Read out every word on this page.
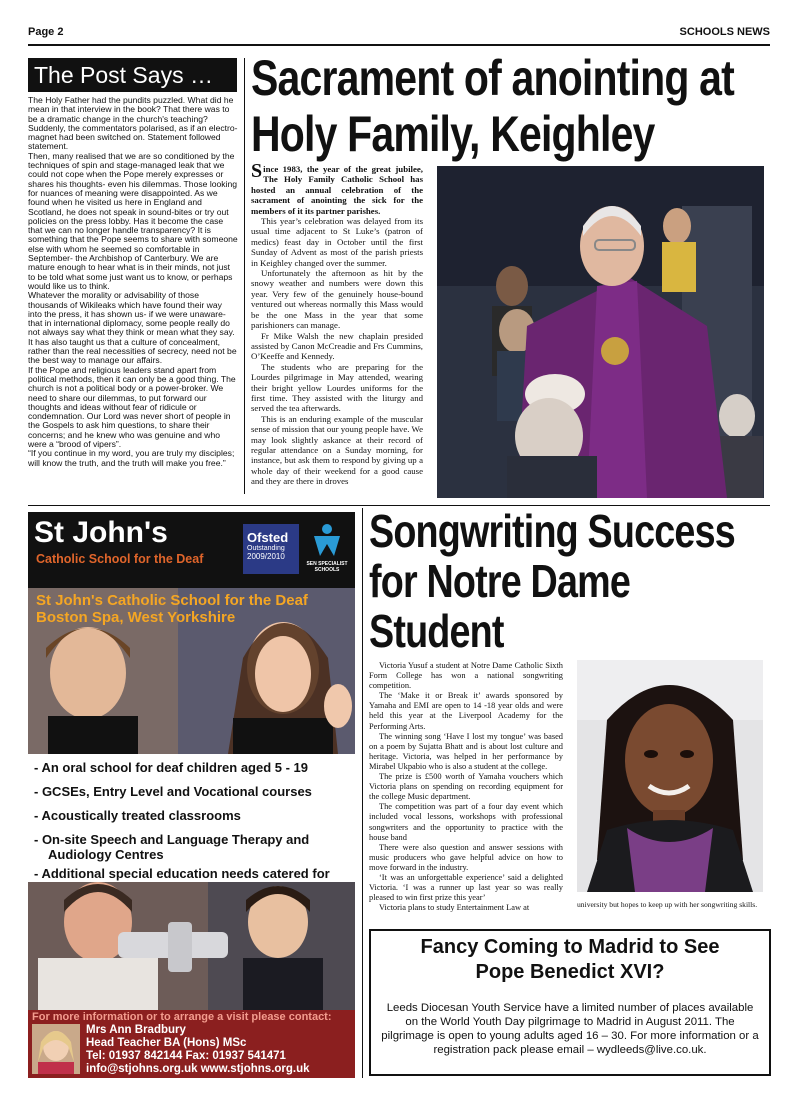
Page 2	SCHOOLS NEWS
The Post Says …

The Holy Father had the pundits puzzled. What did he mean in that interview in the book? That there was to be a dramatic change in the church's teaching? Suddenly, the commentators polarised, as if an electro-magnet had been switched on. Statement followed statement.

Then, many realised that we are so conditioned by the techniques of spin and stage-managed leak that we could not cope when the Pope merely expresses or shares his thoughts- even his dilemmas. Those looking for nuances of meaning were disappointed. As we found when he visited us here in England and Scotland, he does not speak in sound-bites or try out policies on the press lobby. Has it become the case that we can no longer handle transparency? It is something that the Pope seems to share with someone else with whom he seemed so comfortable in September- the Archbishop of Canterbury. We are mature enough to hear what is in their minds, not just to be told what some just want us to know, or perhaps would like us to think.

Whatever the morality or advisability of those thousands of Wikileaks which have found their way into the press, it has shown us- if we were unaware- that in international diplomacy, some people really do not always say what they think or mean what they say. It has also taught us that a culture of concealment, rather than the real necessities of secrecy, need not be the best way to manage our affairs.

If the Pope and religious leaders stand apart from political methods, then it can only be a good thing. The church is not a political body or a power-broker. We need to share our dilemmas, to put forward our thoughts and ideas without fear of ridicule or condemnation. Our Lord was never short of people in the Gospels to ask him questions, to share their concerns; and he knew who was genuine and who were a “brood of vipers”.

“If you continue in my word, you are truly my disciples; will know the truth, and the truth will make you free.”

Sacrament of anointing at
Holy Family, Keighley

Since 1983, the year of the great jubilee, The Holy Family Catholic School has hosted an annual celebration of the sacrament of anointing the sick for the members of it its partner parishes.

This year’s celebration was delayed from its usual time adjacent to St Luke’s (patron of medics) feast day in October until the first Sunday of Advent as most of the parish priests in Keighley changed over the summer.

Unfortunately the afternoon as hit by the snowy weather and numbers were down this year. Very few of the genuinely house-bound ventured out whereas normally this Mass would be the one Mass in the year that some parishioners can manage.

Fr Mike Walsh the new chaplain presided assisted by Canon McCreadie and Frs Cummins, O’Keeffe and Kennedy.

The students who are preparing for the Lourdes pilgrimage in May attended, wearing their bright yellow Lourdes uniforms for the first time. They assisted with the liturgy and served the tea afterwards.

This is an enduring example of the muscular sense of mission that our young people have. We may look slightly askance at their record of regular attendance on a Sunday morning, for instance, but ask them to respond by giving up a whole day of their weekend for a good cause and they are there in droves

St John's
Catholic School for the Deaf
Ofsted
Outstanding
2009/2010
SEN SPECIALIST SCHOOLS
St John's Catholic School for the Deaf
Boston Spa, West Yorkshire
- An oral school for deaf children aged 5 - 19
- GCSEs, Entry Level and Vocational courses
- Acoustically treated classrooms
- On-site Speech and Language Therapy and
Audiology Centres
- Additional special education needs catered for
For more information or to arrange a visit please contact:
Mrs Ann Bradbury
Head Teacher BA (Hons) MSc
Tel: 01937 842144 Fax: 01937 541471
info@stjohns.org.uk www.stjohns.org.uk
Songwriting Success
for Notre Dame
Student

Victoria Yusuf a student at Notre Dame Catholic Sixth Form College has won a national songwriting competition.

The ‘Make it or Break it’ awards sponsored by Yamaha and EMI are open to 14 -18 year olds and were held this year at the Liverpool Academy for the Performing Arts.

The winning song ‘Have I lost my tongue’ was based on a poem by Sujatta Bhatt and is about lost culture and heritage. Victoria, was helped in her performance by Mirabel Ukpabio who is also a student at the college.

The prize is £500 worth of Yamaha vouchers which Victoria plans on spending on recording equipment for the college Music department.

The competition was part of a four day event which included vocal lessons, workshops with professional songwriters and the opportunity to practice with the house band

There were also question and answer sessions with music producers who gave helpful advice on how to move forward in the industry.

‘It was an unforgettable experience’ said a delighted Victoria. ‘I was a runner up last year so was really pleased to win first prize this year’

Victoria plans to study Entertainment Law at	university but hopes to keep up with her songwriting skills.
Fancy Coming to Madrid to See
Pope Benedict XVI?
Leeds Diocesan Youth Service have a limited number of places available on the World Youth Day pilgrimage to Madrid in August 2011. The pilgrimage is open to young adults aged 16 – 30. For more information or a registration pack please email – wydleeds@live.co.uk.
